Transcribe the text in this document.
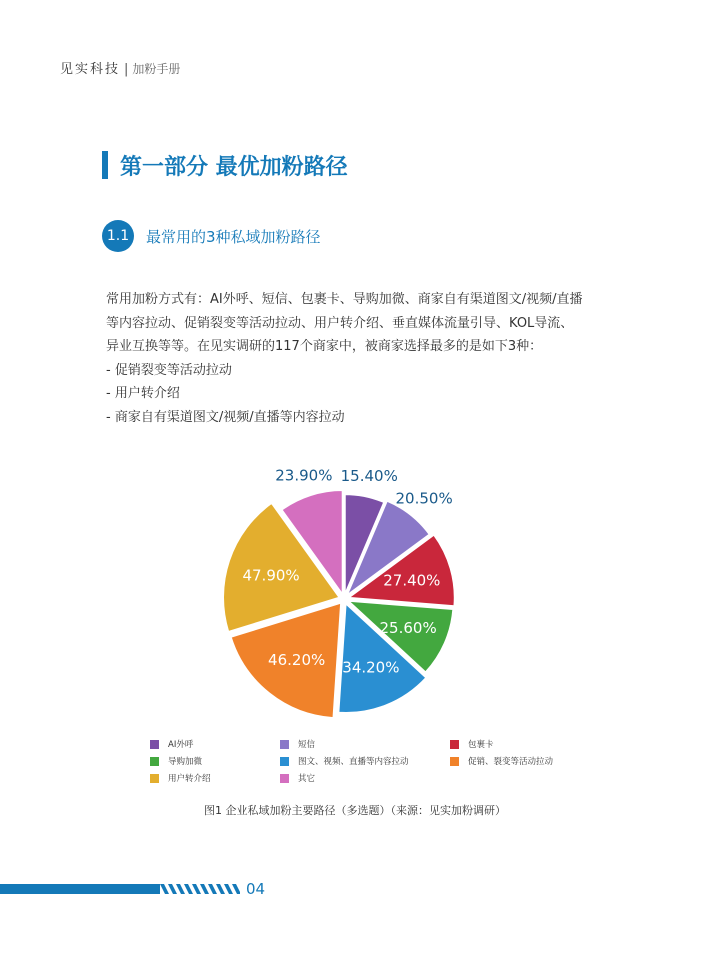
见实科技 | 加粉手册
第一部分 最优加粉路径
1.1	最常用的3种私域加粉路径

常用加粉方式有：AI外呼、短信、包裹卡、导购加微、商家自有渠道图文/视频/直播

等内容拉动、促销裂变等活动拉动、用户转介绍、垂直媒体流量引导、KOL导流、

异业互换等等。在见实调研的117个商家中，被商家选择最多的是如下3种：

- 促销裂变等活动拉动

- 用户转介绍

- 商家自有渠道图文/视频/直播等内容拉动

15.40%
20.50%
27.40%
25.60%
34.20%
46.20%
47.90%
23.90%
AI外呼	短信	包裹卡
导购加微	图文、视频、直播等内容拉动	促销、裂变等活动拉动
用户转介绍	其它
图1 企业私域加粉主要路径（多选题）（来源：见实加粉调研）
04
